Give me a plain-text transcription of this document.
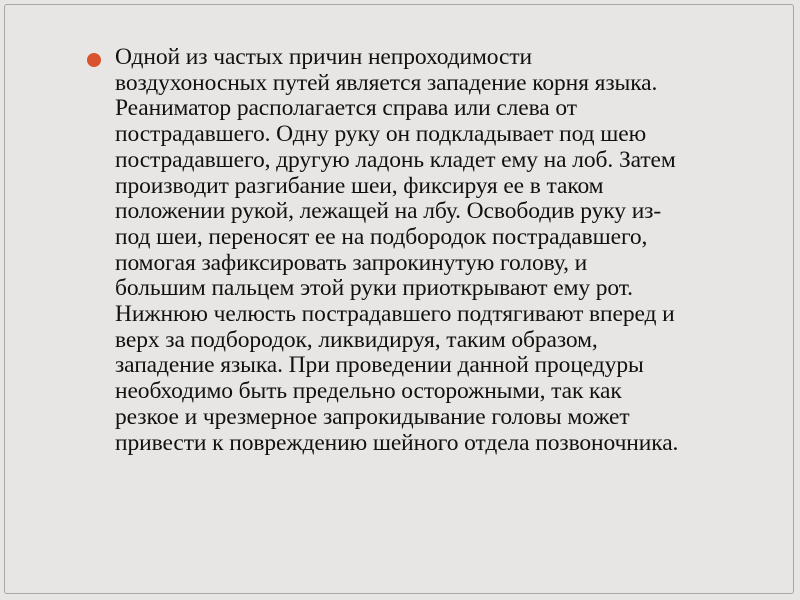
Одной из частых причин непроходимости
воздухоносных путей является западение корня языка.
Реаниматор располагается справа или слева от
пострадавшего. Одну руку он подкладывает под шею
пострадавшего, другую ладонь кладет ему на лоб. Затем
производит разгибание шеи, фиксируя ее в таком
положении рукой, лежащей на лбу. Освободив руку из-
под шеи, переносят ее на подбородок пострадавшего,
помогая зафиксировать запрокинутую голову, и
большим пальцем этой руки приоткрывают ему рот.
Нижнюю челюсть пострадавшего подтягивают вперед и
верх за подбородок, ликвидируя, таким образом,
западение языка. При проведении данной процедуры
необходимо быть предельно осторожными, так как
резкое и чрезмерное запрокидывание головы может
привести к повреждению шейного отдела позвоночника.
